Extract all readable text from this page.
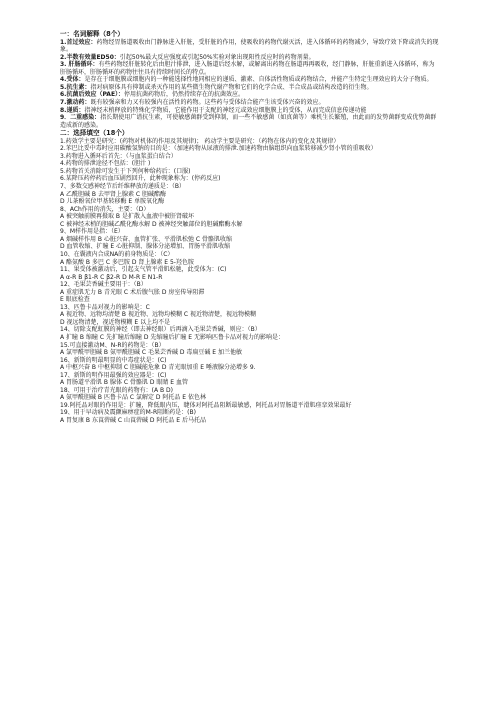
一：名词解释（8个）
1.首过效应：药物经胃肠道吸收由门静脉进入肝脏，受肝脏的作用，使吸收的药物代谢灭活，进入体循环的药物减少，导致疗效下降或消失的现象。
2.半数有效量ED50：引起50%最大反应强度或引起50%实验对象出现阳性反应时的药物剂量。
3. 肝肠循环：有些药物经肝脏转化后由胆汁排泄，进入肠道后经水解，或解离出药物在肠道再再吸收，经门静脉，肝脏重新进入体循环，称为肝肠循环，肝肠循环的药物往往具有持续时间长的特点。
4.受体：是存在于细胞膜或细胞内的一种能选择性地同相应的递质、激素、自体活性物质或药物结合，并能产生特定生理效应的大分子物质。
5.抗生素：指对病原体具有抑制或杀灭作用的某些微生物代谢产物和它们的化学合成、半合成品或结构改造的衍生物。
6.抗菌后效应（PAE）：停用抗菌药物后，仍然持续存在的抗菌效应。
7.激动药：既有较强亲和力又有较强内在活性的药物。这些药与受体结合能产生该受体兴奋的效应。
8.递质：指神经末梢释放的特殊化学物质，它能作用于支配的神经元或效应细胞膜上的受体，从而完成信息传递功能
9．二重感染：指长期使用广谱抗生素，可使敏感菌群受到抑制，而一些不敏感菌（如真菌等）乘机生长繁殖，由此而的发势菌群变成优势菌群造成新的感染。
二：选择填空（18个）
1.药效学主要是研究：(药物对机体的作用及其规律)； 药动学主要是研究：（药物在体内的变化及其规律）
2.苯巴比妥中毒时应用碳酸氢钠的目的是：（加速药物从尿液的排泄.加速药物由脑组织向血浆转移减少肾小管的重吸收）
3.药物进入循环后首先：（与血浆蛋白结合）
4.药物的排泄途径不包括：(胆汁 )
5.药物首关消除可发生于下列何种给药后：(口服)
6.某降压药停药后血压剧烈回升，此种现象称为：(停药反应)
7、多数交感神经节后纤维释放的递质是：（B）
A 乙酰胆碱 B 去甲肾上腺素 C 胆碱酯酶
D 儿茶酚氧位甲基转移酶 E 单胺氧化酶
8、ACh作用的消失，主要：（D）
A 被突触前膜再摄取 B 是扩散入血液中被肝肾破坏
C 被神经末梢的胆碱乙酰化酶水解 D 被神经突触部位的胆碱酯酶水解
9、M样作用是指：（E）
A 烟碱样作用 B 心脏兴奋、血管扩张、平滑肌松弛 C 骨骼肌收缩
D 血管收缩、扩瞳 E 心脏抑制、腺体分泌增加、胃肠平滑肌收缩
10、在囊液内合成NA的前身物质是：（C）
A 酪氨酸 B 多巴 C 多巴胺 D 肾上腺素 E 5-羟色胺
11、果受体被激动后，引起支气管平滑肌松驰，此受体为：(C)
A α-R B β1-R C β2-R D M-R E N1-R
12、毛果芸香碱主要用于：（B）
A 重症肌无力 B 青光眼 C 术后腹气胀 D 房室传导阻滞
E 眼底检查
13、匹鲁卡品对视力的影响是：C
A 视近物、远物均清楚 B 视近物、远物均模糊 C 视近物清楚，视远物模糊
D 视远物清楚，视近物模糊 E 以上均不是
14、切除支配虹膜的神经（即去神经眼）后再滴入毛果芸香碱，则应：（B）
A 扩瞳 B 缩瞳 C 先扩瞳后缩瞳 D 先缩瞳后扩瞳 E 无影响匹鲁卡品对视力的影响是：
15.可直接激动M、N-R的药物是：（B）
A 氯甲酰甲胆碱 B 氨甲酰胆碱 C 毛果芸香碱 D 毒扁豆碱 E 加兰他敏
16、新斯的明最明显的中毒症状是：(C)
A 中枢兴奋 B 中枢抑制 C 胆碱能危象 D 青光眼加重 E 唾液腺分泌增多 9.
17、新斯的明作用最强的效应器是：(C)
A 胃肠道平滑肌 B 腺体 C 骨骼肌 D 眼睛 E 血管
18、可用于治疗青光眼的药物有：(A B D)
A 氨甲酰胆碱 B 匹鲁卡品 C 氯解定 D 阿托品 E 依色林
19.阿托品对眼的作用是：扩瞳，降低眼内压，睫体对阿托品阻断最敏感，阿托品对胃肠道平滑肌痉挛效果最好
19、用于早动病及震颤麻痹症的M-R阻断药是：(B)
A 胃复康 B 东莨菪碱 C 山莨菪碱 D 阿托品 E 后马托品
